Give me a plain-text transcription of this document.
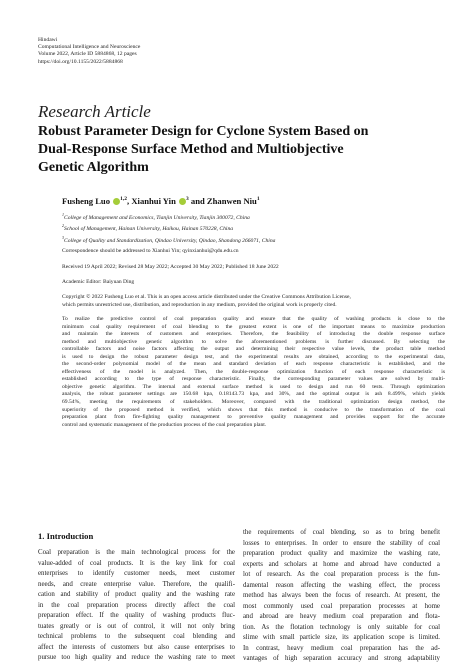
Hindawi
Computational Intelligence and Neuroscience
Volume 2022, Article ID 5884868, 12 pages
https://doi.org/10.1155/2022/5884868
Research Article
Robust Parameter Design for Cyclone System Based on
Dual-Response Surface Method and Multiobjective
Genetic Algorithm
Fusheng Luo $^{1,2}$, Xianhui Yin $^3$ and Zhanwen Niu$^1$
$^1$College of Management and Economics, Tianjin University, Tianjin 300072, China
$^2$School of Management, Hainan University, Haikou, Hainan 570228, China
$^3$College of Quality and Standardization, Qindao University, Qindao, Shandong 266071, China
Correspondence should be addressed to Xianhui Yin; qyinxianhui@qdu.edu.cn
Received 19 April 2022; Revised 28 May 2022; Accepted 30 May 2022; Published 18 June 2022
Academic Editor: Baiyuan Ding
Copyright © 2022 Fusheng Luo et al. This is an open access article distributed under the Creative Commons Attribution License,
which permits unrestricted use, distribution, and reproduction in any medium, provided the original work is properly cited.
To realize the predictive control of coal preparation quality and ensure that the quality of washing products is close to the
minimum coal quality requirement of coal blending to the greatest extent is one of the important means to maximize production
and maintain the interests of customers and enterprises. Therefore, the feasibility of introducing the double response surface
method and multiobjective genetic algorithm to solve the aforementioned problems is further discussed. By selecting the
controllable factors and noise factors affecting the output and determining their respective value levels, the product table method
is used to design the robust parameter design test, and the experimental results are obtained, according to the experimental data,
the second-order polynomial model of the mean and standard deviation of each response characteristic is established, and the
effectiveness of the model is analyzed. Then, the double-response optimization function of each response characteristic is
established according to the type of response characteristic. Finally, the corresponding parameter values are solved by multi-
objective genetic algorithm. The internal and external surface method is used to design and run 60 tests. Through optimization
analysis, the robust parameter settings are 150.68 kpa, 0.18143.73 kpa, and 30%, and the optimal output is ash 8.499%, which yields
69.54%, meeting the requirements of stakeholders. Moreover, compared with the traditional optimization design method, the
superiority of the proposed method is verified, which shows that this method is conducive to the transformation of the coal
preparation plant from fire-fighting quality management to preventive quality management and provides support for the accurate
control and systematic management of the production process of the coal preparation plant.
1. Introduction
Coal preparation is the main technological process for the
value-added of coal products. It is the key link for coal
enterprises to identify customer needs, meet customer
needs, and create enterprise value. Therefore, the qualifi-
cation and stability of product quality and the washing rate
in the coal preparation process directly affect the coal
preparation effect. If the quality of washing products fluc-
tuates greatly or is out of control, it will not only bring
technical problems to the subsequent coal blending and
affect the interests of customers but also cause enterprises to
pursue too high quality and reduce the washing rate to meet
the requirements of coal blending, so as to bring benefit
losses to enterprises. In order to ensure the stability of coal
preparation product quality and maximize the washing rate,
experts and scholars at home and abroad have conducted a
lot of research. As the coal preparation process is the fun-
damental reason affecting the washing effect, the process
method has always been the focus of research. At present, the
most commonly used coal preparation processes at home
and abroad are heavy medium coal preparation and flota-
tion. As the flotation technology is only suitable for coal
slime with small particle size, its application scope is limited.
In contrast, heavy medium coal preparation has the ad-
vantages of high separation accuracy and strong adaptability
